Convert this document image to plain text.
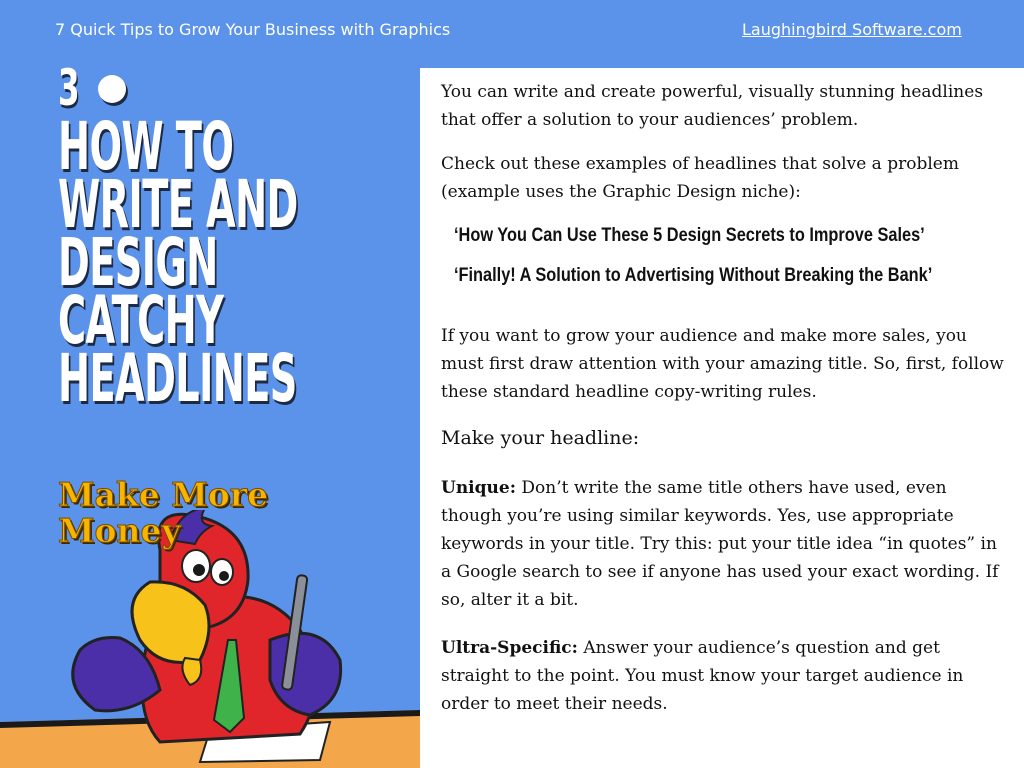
7 Quick Tips to Grow Your Business with Graphics	Laughingbird Software.com
3
HOW TO
WRITE AND
DESIGN
CATCHY
HEADLINES
Make More
Money

You can write and create powerful, visually stunning headlines that offer a solution to your audiences’ problem.

Check out these examples of headlines that solve a problem (example uses the Graphic Design niche):

‘How You Can Use These 5 Design Secrets to Improve Sales’

‘Finally! A Solution to Advertising Without Breaking the Bank’

If you want to grow your audience and make more sales, you must first draw attention with your amazing title. So, first, follow these standard headline copy-writing rules.

Make your headline:

Unique: Don’t write the same title others have used, even though you’re using similar keywords. Yes, use appropriate keywords in your title. Try this: put your title idea “in quotes” in a Google search to see if anyone has used your exact wording. If so, alter it a bit.

Ultra-Specific: Answer your audience’s question and get straight to the point. You must know your target audience in order to meet their needs.
